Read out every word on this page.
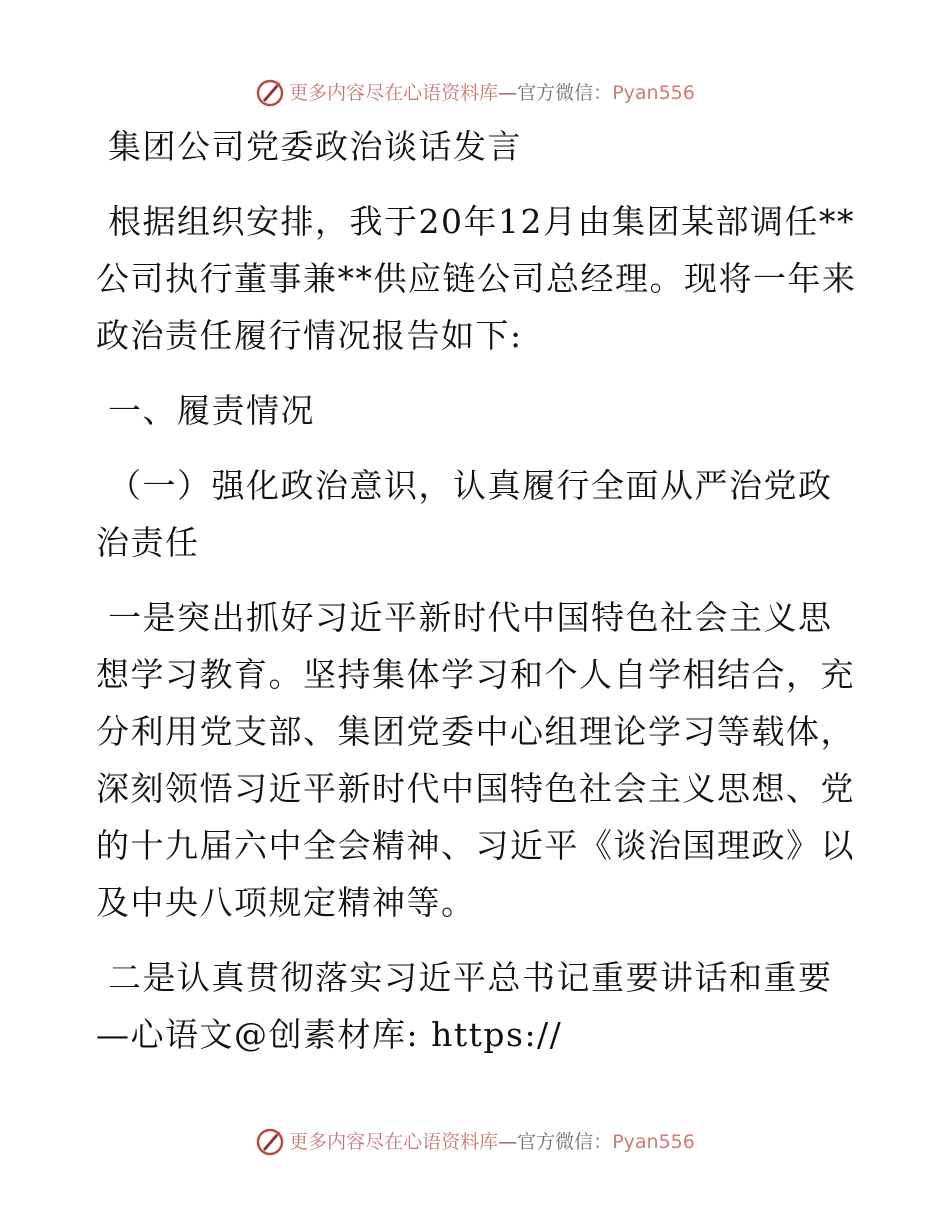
更多内容尽在心语资料库—官方微信：Pyan556
集团公司党委政治谈话发言
根据组织安排，我于20年12月由集团某部调任**
公司执行董事兼**供应链公司总经理。现将一年来
政治责任履行情况报告如下:
一、履责情况
（一）强化政治意识，认真履行全面从严治党政
治责任
一是突出抓好习近平新时代中国特色社会主义思
想学习教育。坚持集体学习和个人自学相结合，充
分利用党支部、集团党委中心组理论学习等载体，
深刻领悟习近平新时代中国特色社会主义思想、党
的十九届六中全会精神、习近平《谈治国理政》以
及中央八项规定精神等。
二是认真贯彻落实习近平总书记重要讲话和重要
—心语文@创素材库: https://
更多内容尽在心语资料库—官方微信：Pyan556
